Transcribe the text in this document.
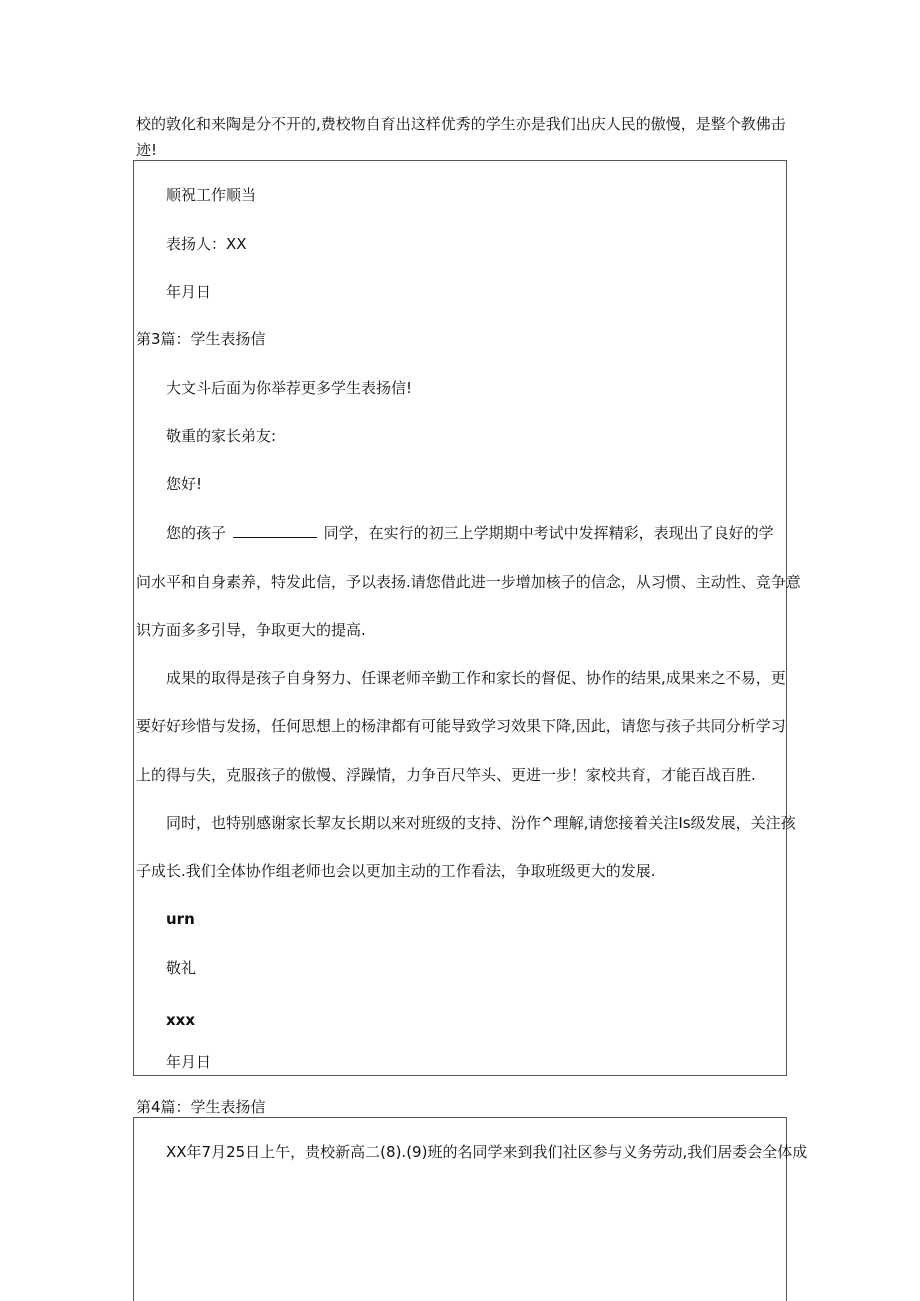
校的敦化和来陶是分不开的,费校物自育出这样优秀的学生亦是我们出庆人民的傲慢，是整个教佛击
迹!
顺祝工作顺当
表扬人：XX
年月日
第3篇：学生表扬信
大文斗后面为你举荐更多学生表扬信!
敬重的家长弟友:
您好!
您的孩子	同学，在实行的初三上学期期中考试中发挥精彩，表现出了良好的学
问水平和自身素养，特发此信，予以表扬.请您借此进一步增加核子的信念，从习惯、主动性、竞争意
识方面多多引导，争取更大的提高.
成果的取得是孩子自身努力、任课老师辛勤工作和家长的督促、协作的结果,成果来之不易，更
要好好珍惜与发扬，任何思想上的杨津都有可能导致学习效果下降,因此，请您与孩子共同分析学习
上的得与失，克服孩子的傲慢、浮躁情，力争百尺竿头、更进一步！家校共育，才能百战百胜.
同时，也特别感谢家长挈友长期以来对班级的支持、汾作^理解,请您接着关注Is级发展，关注孩
子成长.我们全体协作组老师也会以更加主动的工作看法，争取班级更大的发展.
urn
敬礼
xxx
年月日
第4篇：学生表扬信
XX年7月25日上午，贵校新高二(8).(9)班的名同学来到我们社区参与义务劳动,我们居委会全体成
